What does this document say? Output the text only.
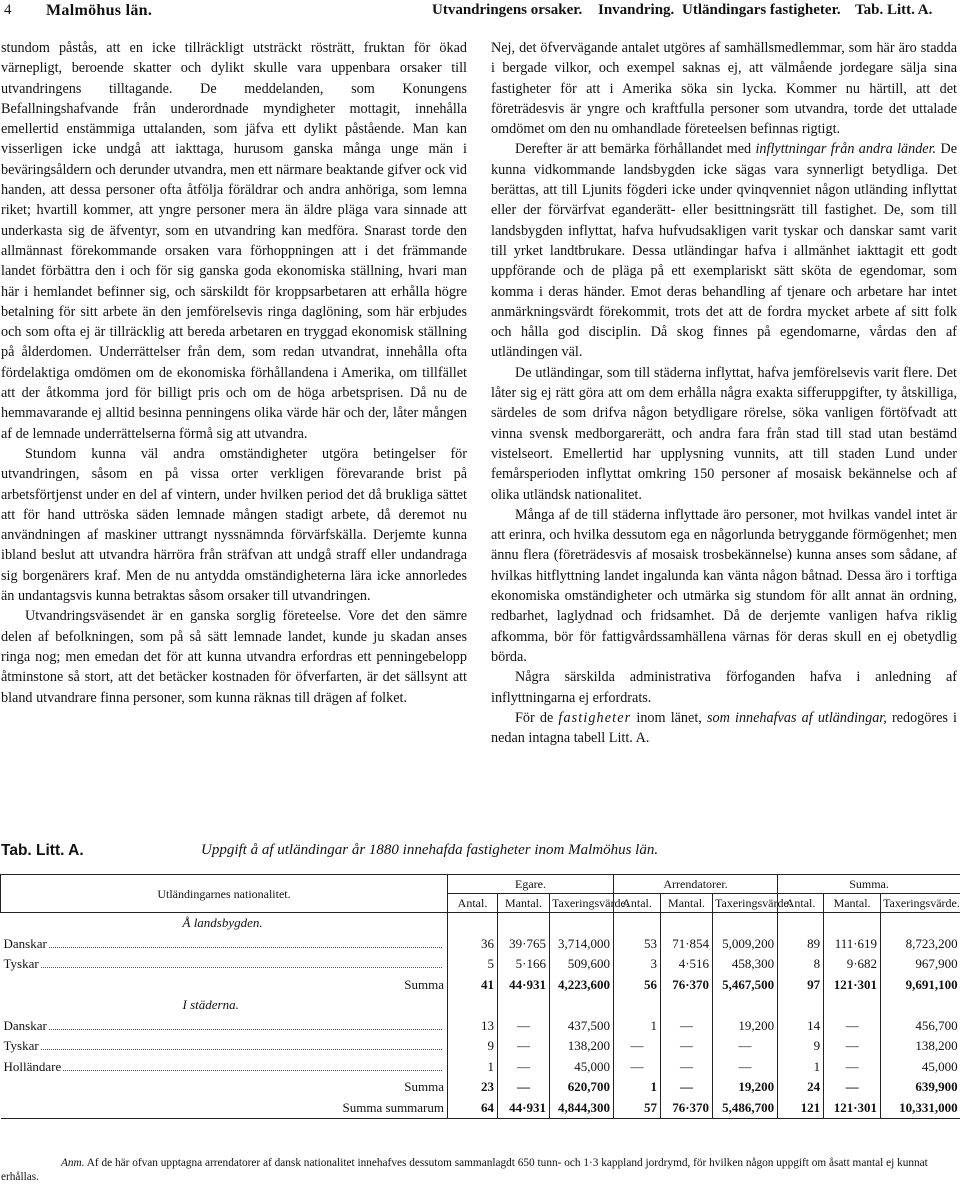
4 Malmöhus län.	Utvandringens orsaker. Invandring. Utländingars fastigheter. Tab. Litt. A.

stundom påstås, att en icke tillräckligt utsträckt rösträtt, fruktan för ökad värnepligt, beroende skatter och dylikt skulle vara uppenbara orsaker till utvandringens tilltagande. De meddelanden, som Konungens Befallningshafvande från underordnade myndigheter mottagit, innehålla emellertid enstämmiga uttalanden, som jäfva ett dylikt påstående. Man kan visserligen icke undgå att iakttaga, hurusom ganska många unge män i beväringsåldern och derunder utvandra, men ett närmare beaktande gifver ock vid handen, att dessa personer ofta åtfölja föräldrar och andra anhöriga, som lemna riket; hvartill kommer, att yngre personer mera än äldre pläga vara sinnade att underkasta sig de äfventyr, som en utvandring kan medföra. Snarast torde den allmännast förekommande orsaken vara förhoppningen att i det främmande landet förbättra den i och för sig ganska goda ekonomiska ställning, hvari man här i hemlandet befinner sig, och särskildt för kroppsarbetaren att erhålla högre betalning för sitt arbete än den jemförelsevis ringa daglöning, som här erbjudes och som ofta ej är tillräcklig att bereda arbetaren en tryggad ekonomisk ställning på ålderdomen. Underrättelser från dem, som redan utvandrat, innehålla ofta fördelaktiga omdömen om de ekonomiska förhållandena i Amerika, om tillfället att der åtkomma jord för billigt pris och om de höga arbetsprisen. Då nu de hemmavarande ej alltid besinna penningens olika värde här och der, låter mången af de lemnade underrättelserna förmå sig att utvandra.

Stundom kunna väl andra omständigheter utgöra betingelser för utvandringen, såsom en på vissa orter verkligen förevarande brist på arbetsförtjenst under en del af vintern, under hvilken period det då brukliga sättet att för hand uttröska säden lemnade mången stadigt arbete, då deremot nu användningen af maskiner uttrangt nyssnämnda förvärfskälla. Derjemte kunna ibland beslut att utvandra härröra från sträfvan att undgå straff eller undandraga sig borgenärers kraf. Men de nu antydda omständigheterna lära icke annorledes än undantagsvis kunna betraktas såsom orsaker till utvandringen.

Utvandringsväsendet är en ganska sorglig företeelse. Vore det den sämre delen af befolkningen, som på så sätt lemnade landet, kunde ju skadan anses ringa nog; men emedan det för att kunna utvandra erfordras ett penningebelopp åtminstone så stort, att det betäcker kostnaden för öfverfarten, är det sällsynt att bland utvandrare finna personer, som kunna räknas till drägen af folket.

Nej, det öfvervägande antalet utgöres af samhällsmedlemmar, som här äro stadda i bergade vilkor, och exempel saknas ej, att välmående jordegare sälja sina fastigheter för att i Amerika söka sin lycka. Kommer nu härtill, att det företrädesvis är yngre och kraftfulla personer som utvandra, torde det uttalade omdömet om den nu omhandlade företeelsen befinnas rigtigt.

Derefter är att bemärka förhållandet med inflyttningar från andra länder. De kunna vidkommande landsbygden icke sägas vara synnerligt betydliga. Det berättas, att till Ljunits fögderi icke under qvinqvenniet någon utländing inflyttat eller der förvärfvat eganderätt- eller besittningsrätt till fastighet. De, som till landsbygden inflyttat, hafva hufvudsakligen varit tyskar och danskar samt varit till yrket landtbrukare. Dessa utländingar hafva i allmänhet iakttagit ett godt uppförande och de pläga på ett exemplariskt sätt sköta de egendomar, som komma i deras händer. Emot deras behandling af tjenare och arbetare har intet anmärkningsvärdt förekommit, trots det att de fordra mycket arbete af sitt folk och hålla god disciplin. Då skog finnes på egendomarne, vårdas den af utländingen väl.

De utländingar, som till städerna inflyttat, hafva jemförelsevis varit flere. Det låter sig ej rätt göra att om dem erhålla några exakta sifferuppgifter, ty åtskilliga, särdeles de som drifva någon betydligare rörelse, söka vanligen förtöfvadt att vinna svensk medborgarerätt, och andra fara från stad till stad utan bestämd vistelseort. Emellertid har upplysning vunnits, att till staden Lund under femårsperioden inflyttat omkring 150 personer af mosaisk bekännelse och af olika utländsk nationalitet.

Många af de till städerna inflyttade äro personer, mot hvilkas vandel intet är att erinra, och hvilka dessutom ega en någorlunda betryggande förmögenhet; men ännu flera (företrädesvis af mosaisk trosbekännelse) kunna anses som sådane, af hvilkas hitflyttning landet ingalunda kan vänta någon båtnad. Dessa äro i torftiga ekonomiska omständigheter och utmärka sig stundom för allt annat än ordning, redbarhet, laglydnad och fridsamhet. Då de derjemte vanligen hafva riklig afkomma, bör för fattigvårdssamhällena värnas för deras skull en ej obetydlig börda.

Några särskilda administrativa förfoganden hafva i anledning af inflyttningarna ej erfordrats.

För de fastigheter inom länet, som innehafvas af utländingar, redogöres i nedan intagna tabell Litt. A.

Tab. Litt. A.	Uppgift å af utländingar år 1880 innehafda fastigheter inom Malmöhus län.
Utländingarnes nationalitet.	Egare.			Arrendatorer.			Summa.		
	Antal.	Mantal.	Taxeringsvärde.	Antal.	Mantal.	Taxeringsvärde.	Antal.	Mantal.	Taxeringsvärde.
Å landsbygden.									

Danskar	36	39·765	3,714,000	53	71·854	5,009,200	89	111·619	8,723,200

Tyskar	5	5·166	509,600	3	4·516	458,300	8	9·682	967,900
Summa	41	44·931	4,223,600	56	76·370	5,467,500	97	121·301	9,691,100
I städerna.									

Danskar	13	—	437,500	1	—	19,200	14	—	456,700

Tyskar	9	—	138,200	—	—	—	9	—	138,200

Holländare	1	—	45,000	—	—	—	1	—	45,000
Summa	23	—	620,700	1	—	19,200	24	—	639,900
Summa summarum	64	44·931	4,844,300	57	76·370	5,486,700	121	121·301	10,331,000
Anm. Af de här ofvan upptagna arrendatorer af dansk nationalitet innehafves dessutom sammanlagdt 650 tunn- och 1·3 kappland jordrymd, för hvilken någon uppgift om åsatt mantal ej kunnat erhållas.
